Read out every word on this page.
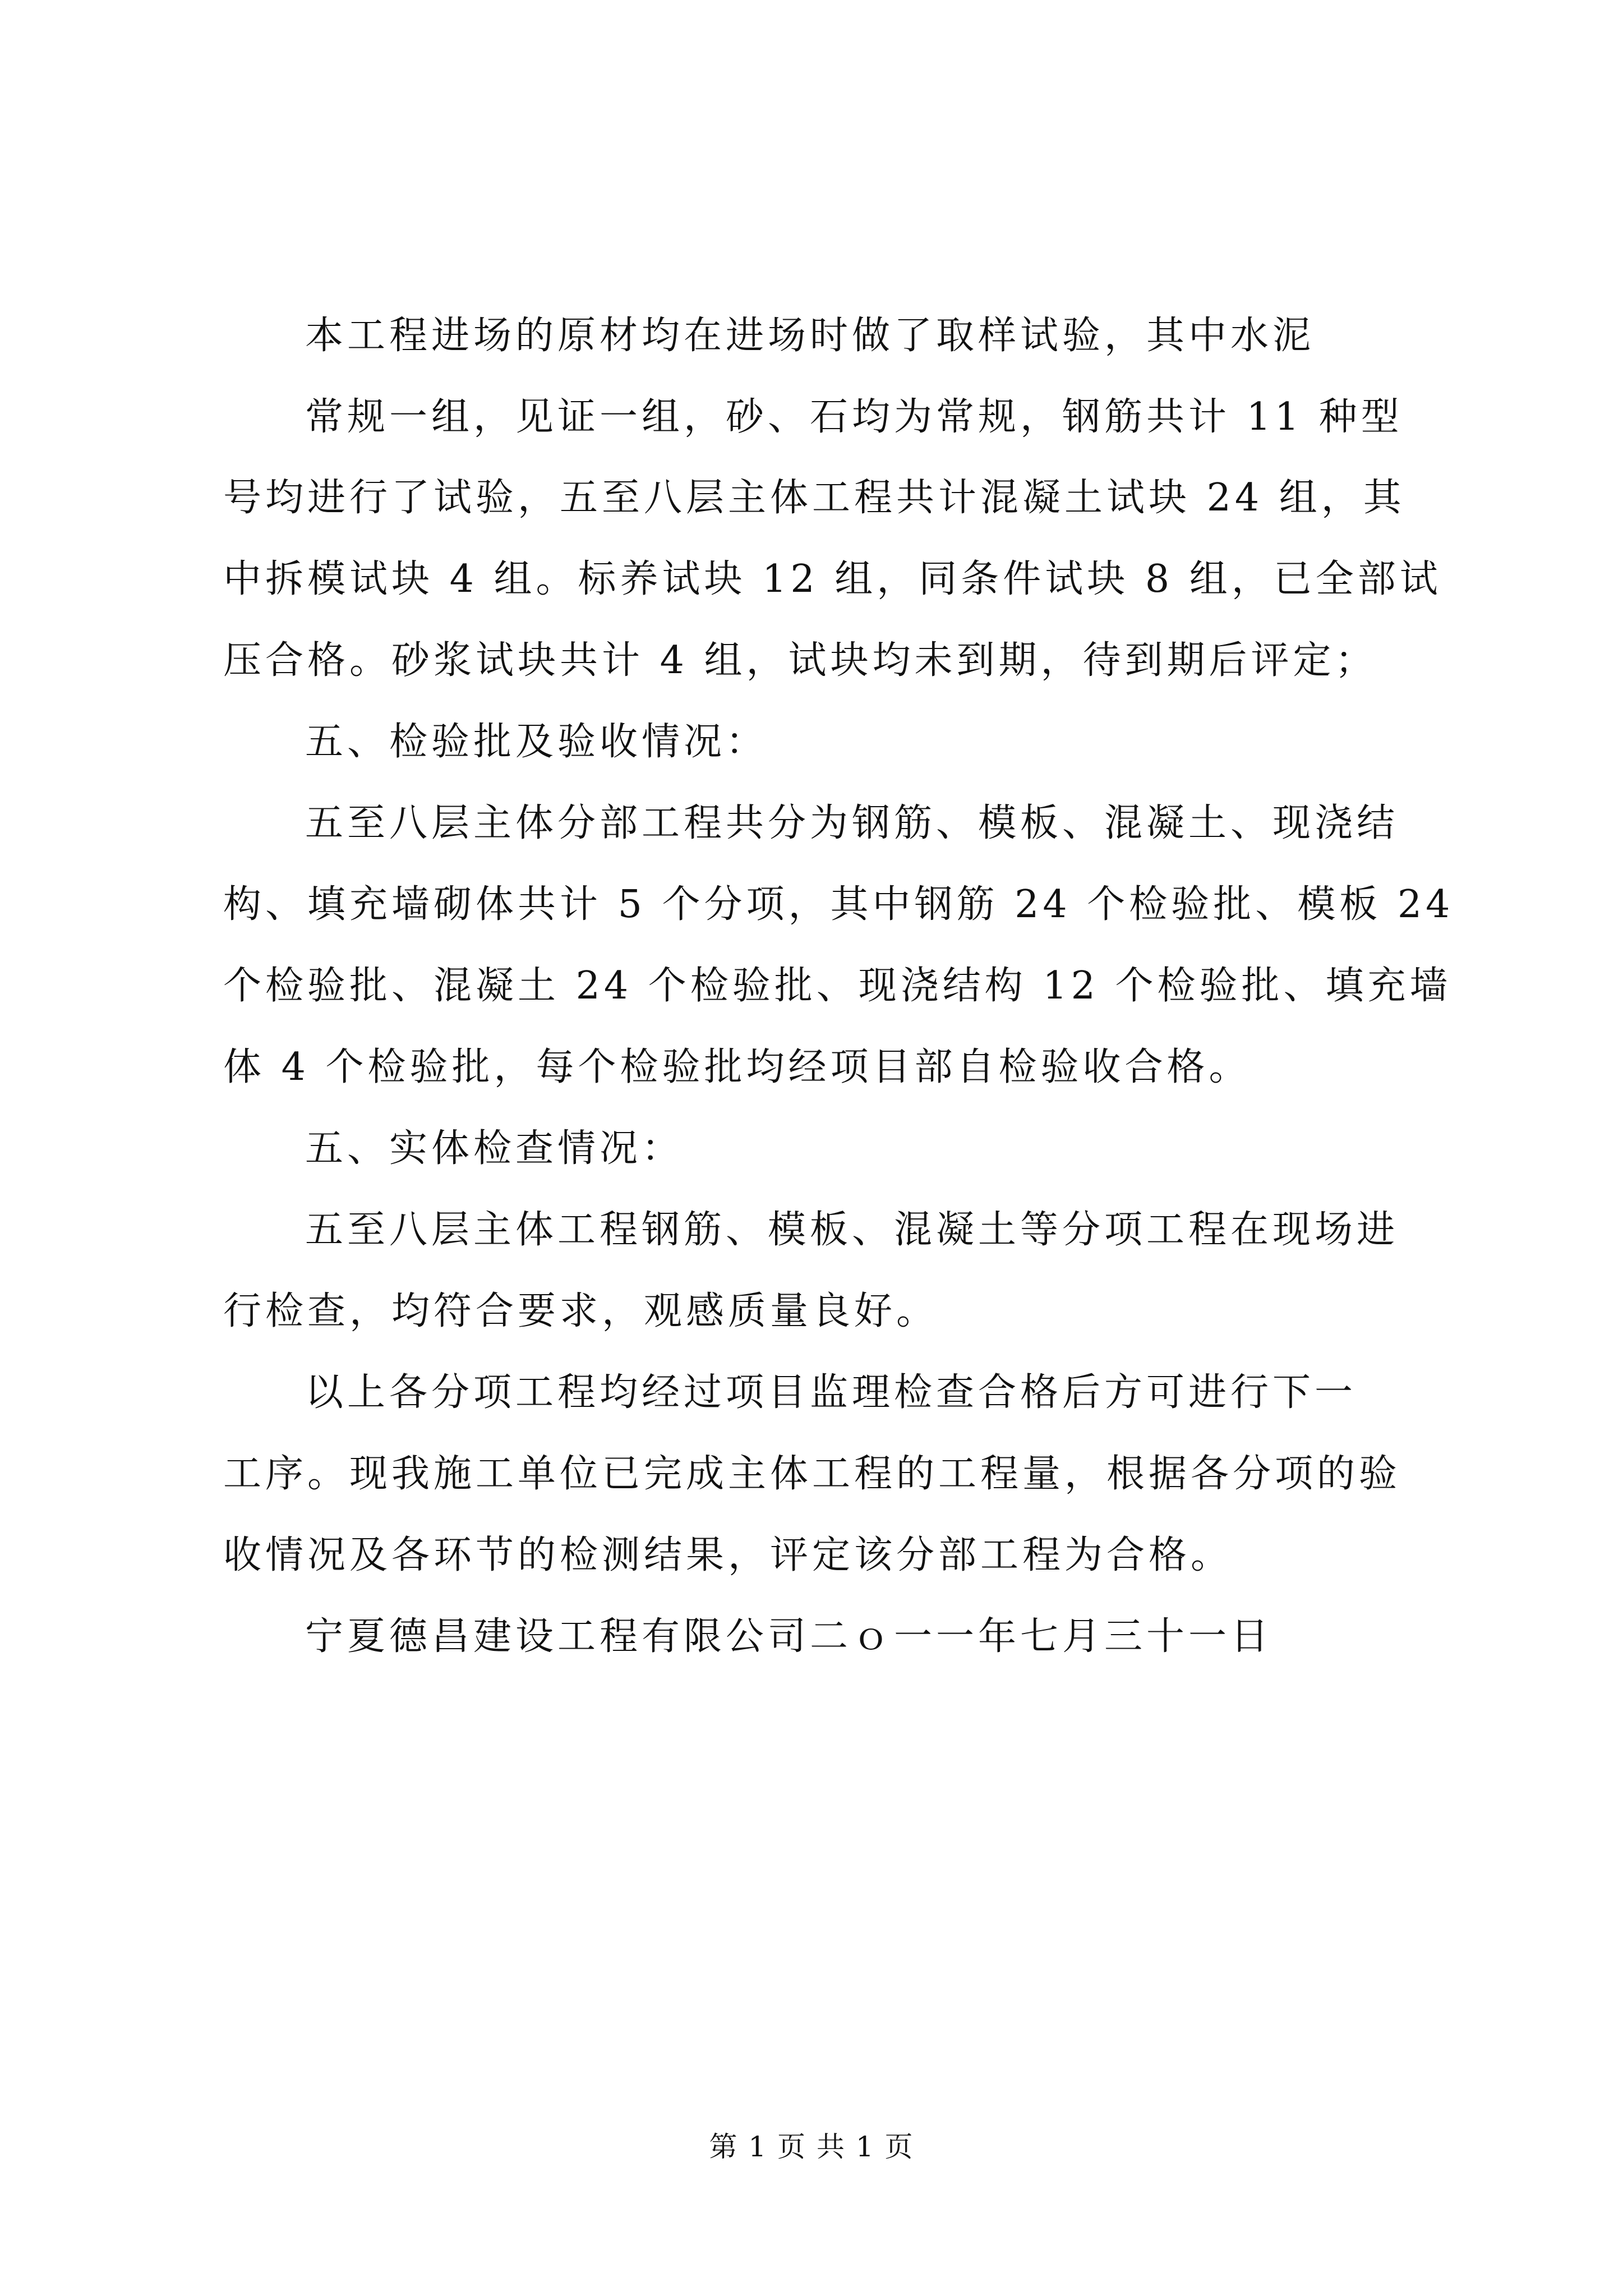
本工程进场的原材均在进场时做了取样试验，其中水泥
常规一组，见证一组，砂、石均为常规，钢筋共计 11 种型
号均进行了试验，五至八层主体工程共计混凝土试块 24 组，其
中拆模试块 4 组。标养试块 12 组，同条件试块 8 组，已全部试
压合格。砂浆试块共计 4 组，试块均未到期，待到期后评定；
五、检验批及验收情况：
五至八层主体分部工程共分为钢筋、模板、混凝土、现浇结
构、填充墙砌体共计 5 个分项，其中钢筋 24 个检验批、模板 24
个检验批、混凝土 24 个检验批、现浇结构 12 个检验批、填充墙
体 4 个检验批，每个检验批均经项目部自检验收合格。
五、实体检查情况：
五至八层主体工程钢筋、模板、混凝土等分项工程在现场进
行检查，均符合要求，观感质量良好。
以上各分项工程均经过项目监理检查合格后方可进行下一
工序。现我施工单位已完成主体工程的工程量，根据各分项的验
收情况及各环节的检测结果，评定该分部工程为合格。
宁夏德昌建设工程有限公司二ｏ一一年七月三十一日
第 1 页 共 1 页
